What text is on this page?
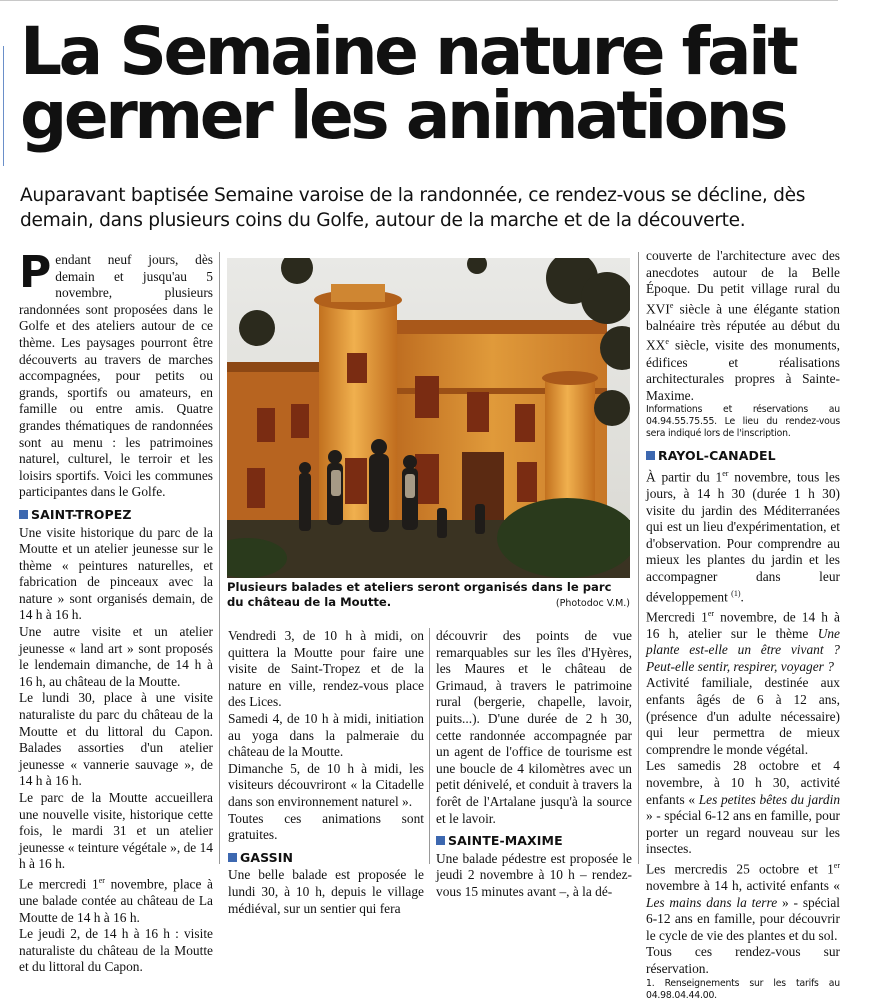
La Semaine nature fait germer les animations

Auparavant baptisée Semaine varoise de la randonnée, ce rendez-vous se décline, dès demain, dans plusieurs coins du Golfe, autour de la marche et de la découverte.

Pendant neuf jours, dès demain et jusqu'au 5 novembre, plusieurs randonnées sont proposées dans le Golfe et des ateliers autour de ce thème. Les paysages pourront être découverts au travers de marches accompagnées, pour petits ou grands, sportifs ou amateurs, en famille ou entre amis. Quatre grandes thématiques de randonnées sont au menu : les patrimoines naturel, culturel, le terroir et les loisirs sportifs. Voici les communes participantes dans le Golfe.

SAINT-TROPEZ

Une visite historique du parc de la Moutte et un atelier jeunesse sur le thème « peintures naturelles, et fabrication de pinceaux avec la nature » sont organisés demain, de 14 h à 16 h.

Une autre visite et un atelier jeunesse « land art » sont proposés le lendemain dimanche, de 14 h à 16 h, au château de la Moutte.

Le lundi 30, place à une visite naturaliste du parc du château de la Moutte et du littoral du Capon. Balades assorties d'un atelier jeunesse « vannerie sauvage », de 14 h à 16 h.

Le parc de la Moutte accueillera une nouvelle visite, historique cette fois, le mardi 31 et un atelier jeunesse « teinture végétale », de 14 h à 16 h.

Le mercredi 1er novembre, place à une balade contée au château de La Moutte de 14 h à 16 h.

Le jeudi 2, de 14 h à 16 h : visite naturaliste du château de la Moutte et du littoral du Capon.

Plusieurs balades et ateliers seront organisés dans le parc du château de la Moutte.	(Photodoc V.M.)

Vendredi 3, de 10 h à midi, on quittera la Moutte pour faire une visite de Saint-Tropez et de la nature en ville, rendez-vous place des Lices.

Samedi 4, de 10 h à midi, initiation au yoga dans la palmeraie du château de la Moutte.

Dimanche 5, de 10 h à midi, les visiteurs découvriront « la Citadelle dans son environnement naturel ».

Toutes ces animations sont gratuites.

GASSIN

Une belle balade est proposée le lundi 30, à 10 h, depuis le village médiéval, sur un sentier qui fera

découvrir des points de vue remarquables sur les îles d'Hyères, les Maures et le château de Grimaud, à travers le patrimoine rural (bergerie, chapelle, lavoir, puits...). D'une durée de 2 h 30, cette randonnée accompagnée par un agent de l'office de tourisme est une boucle de 4 kilomètres avec un petit dénivelé, et conduit à travers la forêt de l'Artalane jusqu'à la source et le lavoir.

SAINTE-MAXIME

Une balade pédestre est proposée le jeudi 2 novembre à 10 h – rendez-vous 15 minutes avant –, à la dé-

couverte de l'architecture avec des anecdotes autour de la Belle Époque. Du petit village rural du XVIe siècle à une élégante station balnéaire très réputée au début du XXe siècle, visite des monuments, édifices et réalisations architecturales propres à Sainte-Maxime.

Informations et réservations au 04.94.55.75.55. Le lieu du rendez-vous sera indiqué lors de l'inscription.

RAYOL-CANADEL

À partir du 1er novembre, tous les jours, à 14 h 30 (durée 1 h 30) visite du jardin des Méditerranées qui est un lieu d'expérimentation, et d'observation. Pour comprendre au mieux les plantes du jardin et les accompagner dans leur développement $^{(1)}$.

Mercredi 1er novembre, de 14 h à 16 h, atelier sur le thème Une plante est-elle un être vivant ? Peut-elle sentir, respirer, voyager ?

Activité familiale, destinée aux enfants âgés de 6 à 12 ans, (présence d'un adulte nécessaire) qui leur permettra de mieux comprendre le monde végétal.

Les samedis 28 octobre et 4 novembre, à 10 h 30, activité enfants « Les petites bêtes du jardin » - spécial 6-12 ans en famille, pour porter un regard nouveau sur les insectes.

Les mercredis 25 octobre et 1er novembre à 14 h, activité enfants « Les mains dans la terre » - spécial 6-12 ans en famille, pour découvrir le cycle de vie des plantes et du sol.

Tous ces rendez-vous sur réservation.

1. Renseignements sur les tarifs au 04.98.04.44.00.
